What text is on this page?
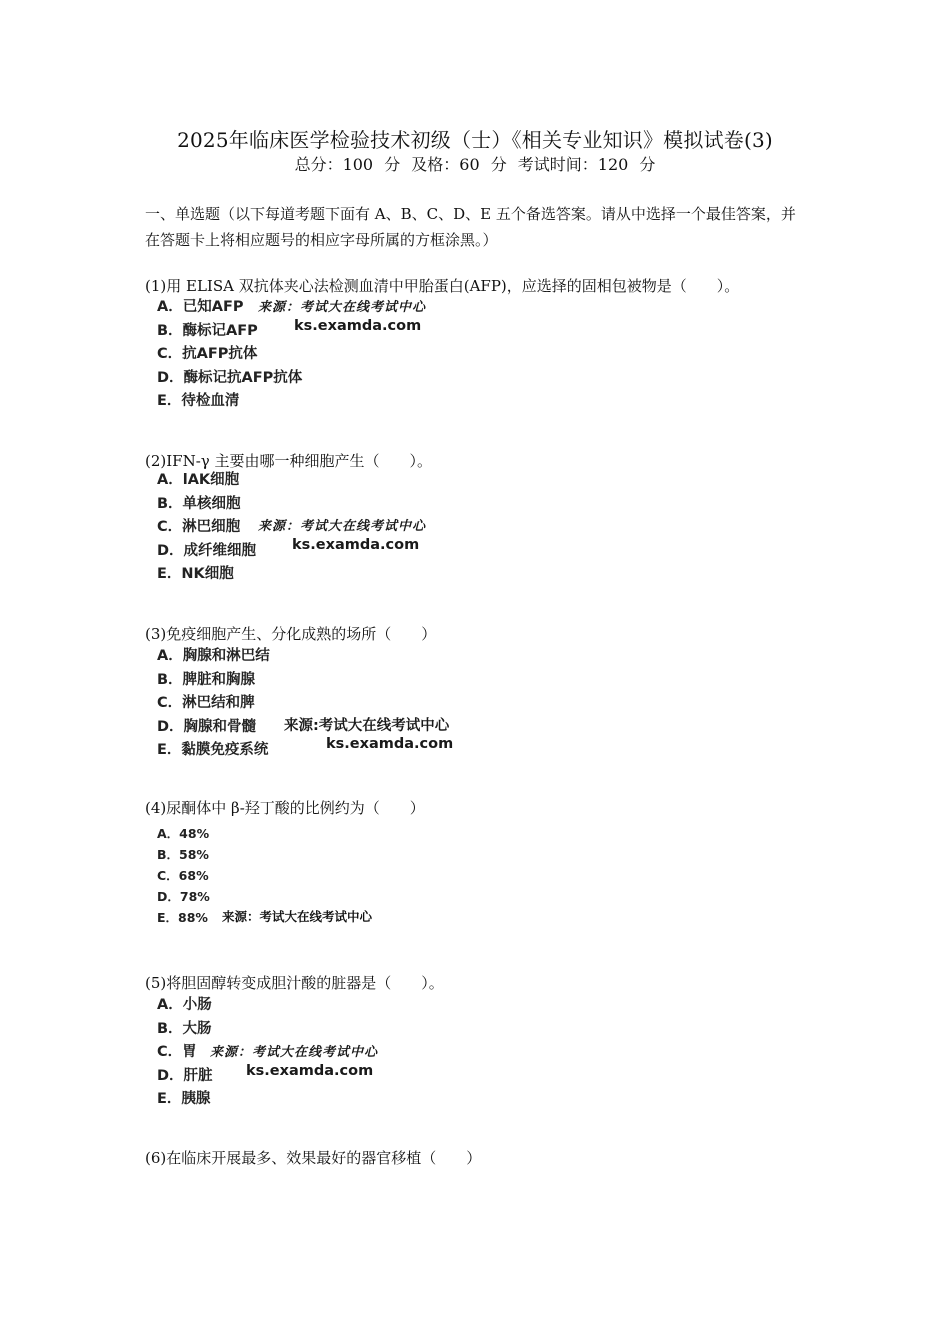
2025年临床医学检验技术初级（士）《相关专业知识》模拟试卷(3)
总分：100 分 及格：60 分 考试时间：120 分
一、单选题（以下每道考题下面有 A、B、C、D、E 五个备选答案。请从中选择一个最佳答案，并在答题卡上将相应题号的相应字母所属的方框涂黑。）
(1)用 ELISA 双抗体夹心法检测血清中甲胎蛋白(AFP)，应选择的固相包被物是（　　）。
A．已知AFP
B．酶标记AFP
C．抗AFP抗体
D．酶标记抗AFP抗体
E．待检血清
来源：考试大在线考试中心
ks.examda.com
(2)IFN-γ 主要由哪一种细胞产生（　　）。
A．lAK细胞
B．单核细胞
C．淋巴细胞
D．成纤维细胞
E．NK细胞
来源：考试大在线考试中心
ks.examda.com
(3)免疫细胞产生、分化成熟的场所（　　）
A．胸腺和淋巴结
B．脾脏和胸腺
C．淋巴结和脾
D．胸腺和骨髓
E．黏膜免疫系统
来源:考试大在线考试中心
ks.examda.com
(4)尿酮体中 β-羟丁酸的比例约为（　　）
A．48%
B．58%
C．68%
D．78%
E．88% 来源：考试大在线考试中心
(5)将胆固醇转变成胆汁酸的脏器是（　　）。
A．小肠
B．大肠
C．胃
D．肝脏
E．胰腺
来源：考试大在线考试中心
ks.examda.com
(6)在临床开展最多、效果最好的器官移植（　　）
